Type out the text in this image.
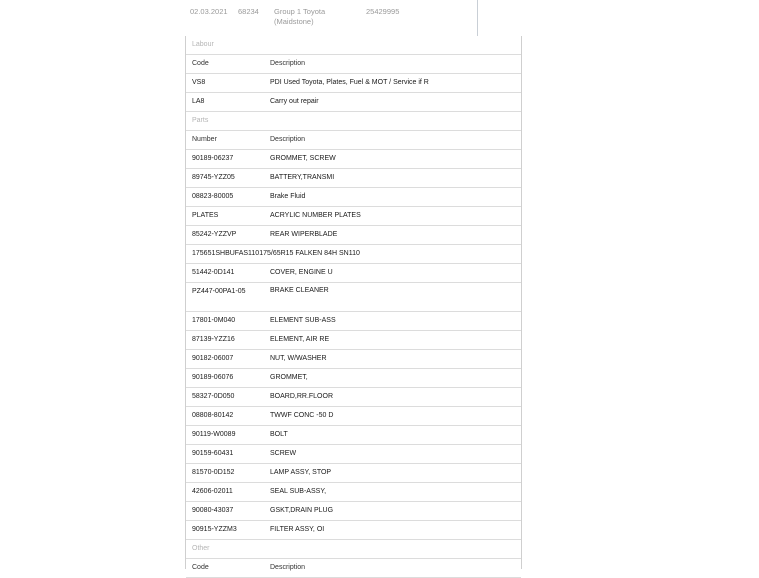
02.03.2021 68234 Group 1 Toyota
(Maidstone)
25429995
Labour
Code	Description
VS8	PDI Used Toyota, Plates, Fuel & MOT / Service if R
LA8	Carry out repair
Parts
Number	Description
90189-06237	GROMMET, SCREW
89745-YZZ05	BATTERY,TRANSMI
08823-80005	Brake Fluid
PLATES	ACRYLIC NUMBER PLATES
85242-YZZVP	REAR WIPERBLADE
175651SHBUFAS110175/65R15 FALKEN 84H SN110
51442-0D141	COVER, ENGINE U
PZ447-00PA1-05	BRAKE CLEANER
17801-0M040	ELEMENT SUB-ASS
87139-YZZ16	ELEMENT, AIR RE
90182-06007	NUT, W/WASHER
90189-06076	GROMMET,
58327-0D050	BOARD,RR.FLOOR
08808-80142	TWWF CONC -50 D
90119-W0089	BOLT
90159-60431	SCREW
81570-0D152	LAMP ASSY, STOP
42606-02011	SEAL SUB-ASSY,
90080-43037	GSKT,DRAIN PLUG
90915-YZZM3	FILTER ASSY, OI
Other
Code	Description
